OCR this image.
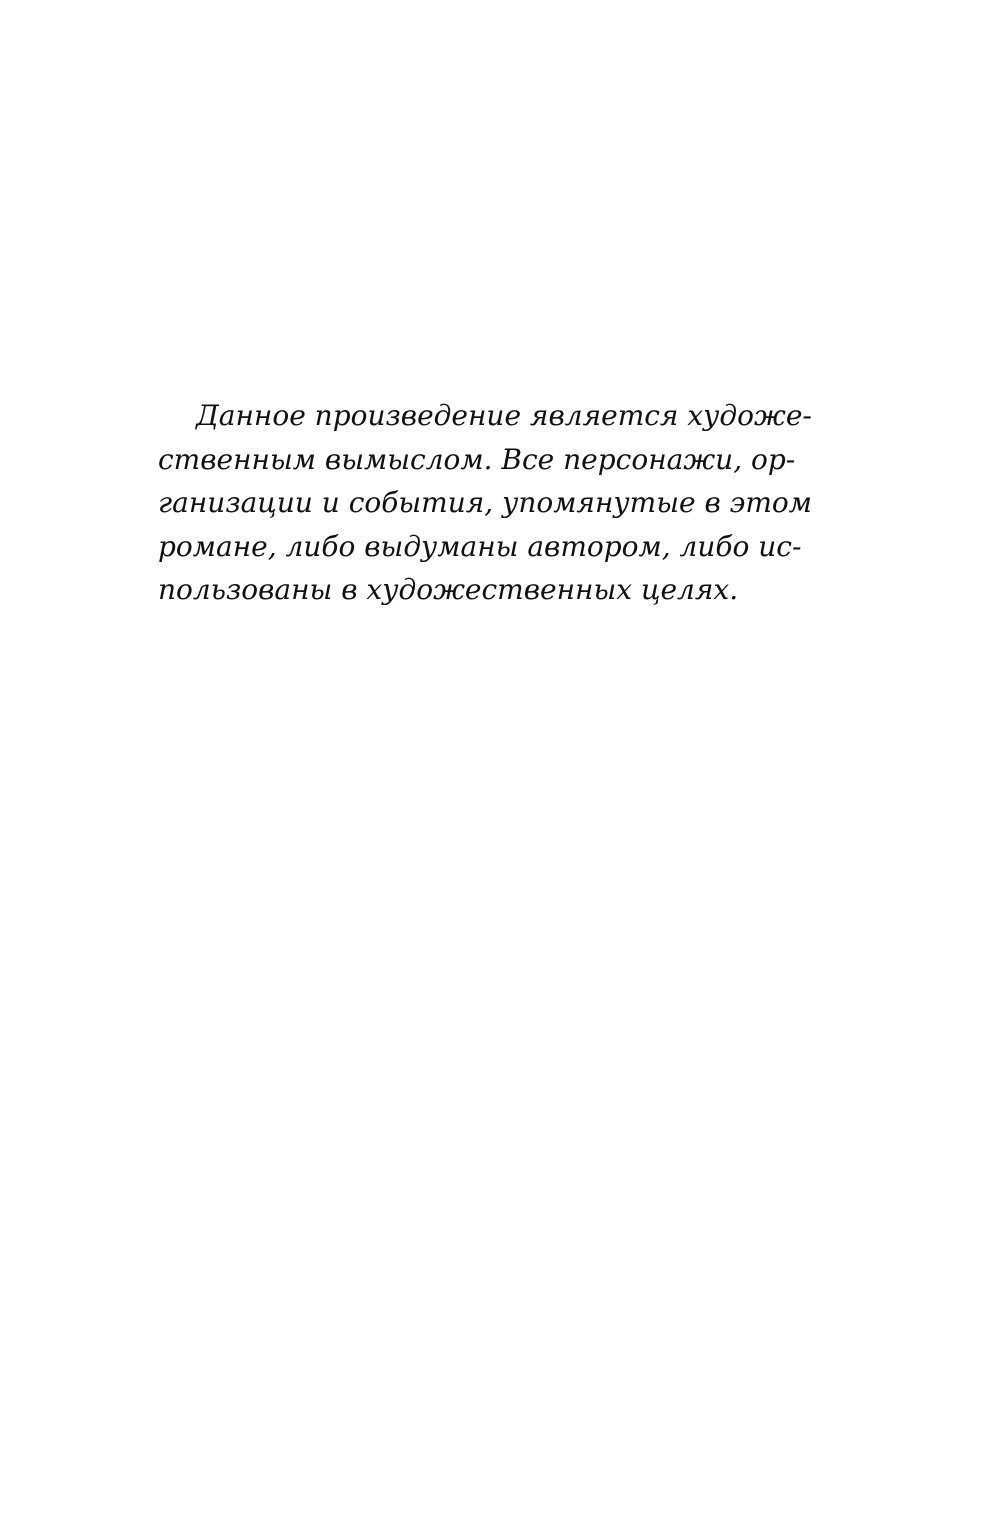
Данное произведение является художе-
ственным вымыслом. Все персонажи, ор-
ганизации и события, упомянутые в этом
романе, либо выдуманы автором, либо ис-
пользованы в художественных целях.
